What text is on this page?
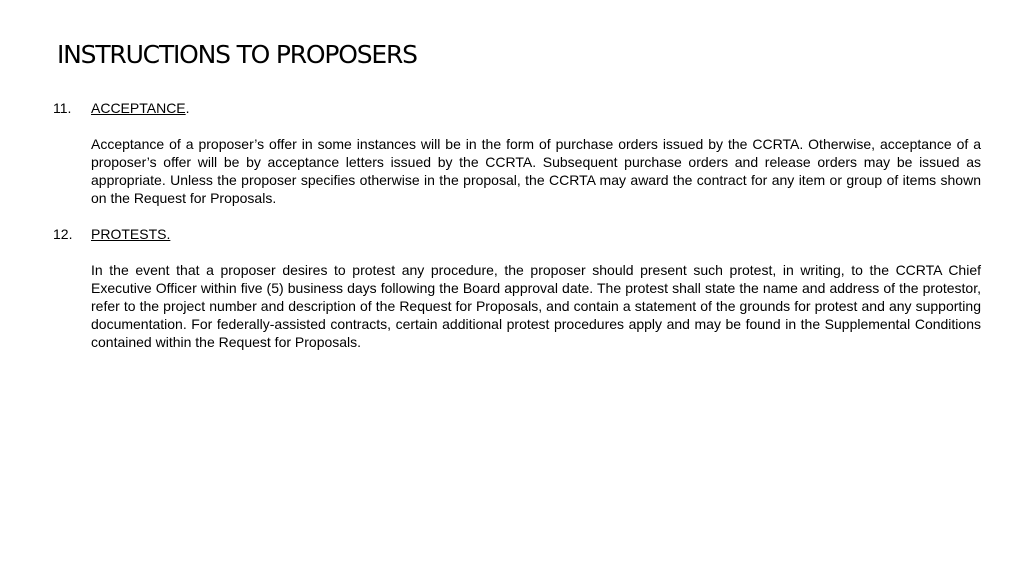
INSTRUCTIONS TO PROPOSERS
11. ACCEPTANCE.
Acceptance of a proposer’s offer in some instances will be in the form of purchase orders issued by the CCRTA. Otherwise, acceptance of a proposer’s offer will be by acceptance letters issued by the CCRTA. Subsequent purchase orders and release orders may be issued as appropriate. Unless the proposer specifies otherwise in the proposal, the CCRTA may award the contract for any item or group of items shown on the Request for Proposals.
12. PROTESTS.
In the event that a proposer desires to protest any procedure, the proposer should present such protest, in writing, to the CCRTA Chief Executive Officer within five (5) business days following the Board approval date. The protest shall state the name and address of the protestor, refer to the project number and description of the Request for Proposals, and contain a statement of the grounds for protest and any supporting documentation. For federally-assisted contracts, certain additional protest procedures apply and may be found in the Supplemental Conditions contained within the Request for Proposals.
